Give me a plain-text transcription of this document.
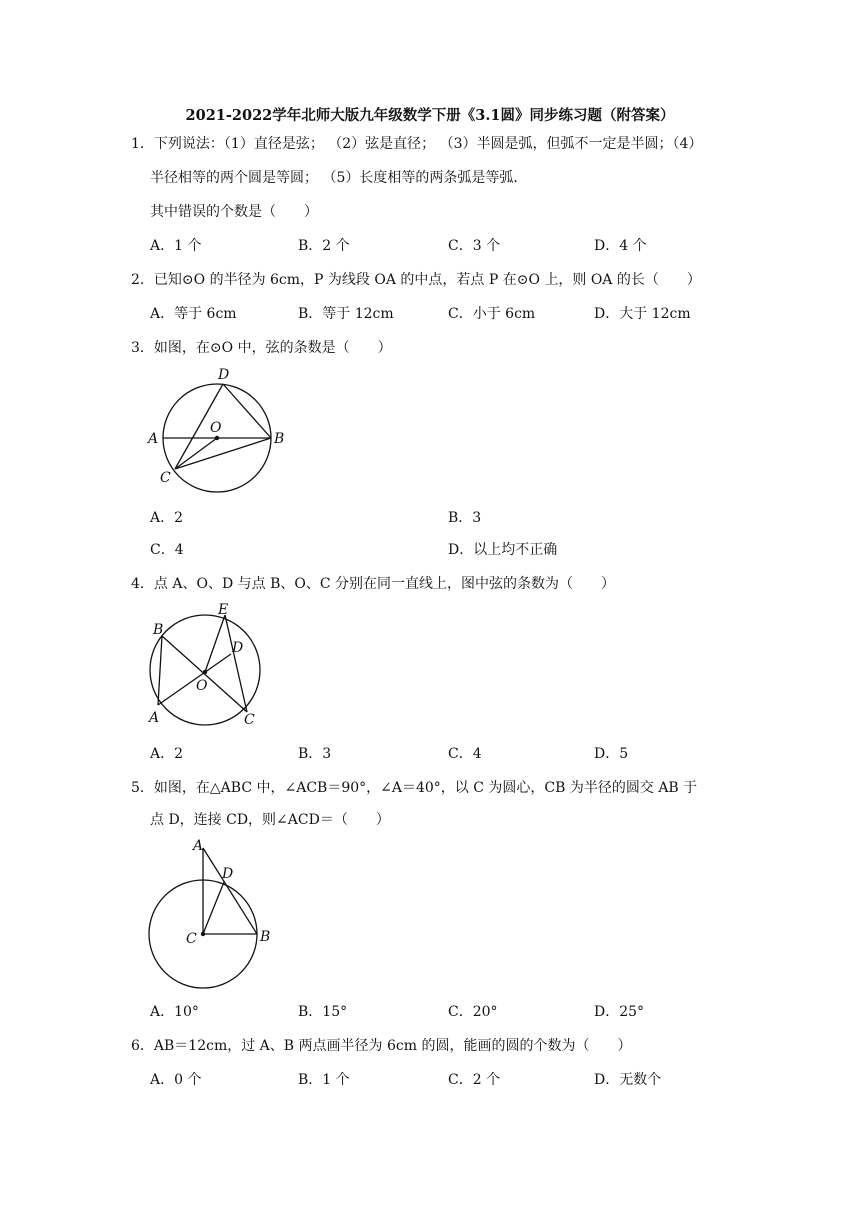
2021-2022学年北师大版九年级数学下册《3.1圆》同步练习题（附答案）
1．下列说法：（1）直径是弦； （2）弦是直径； （3）半圆是弧，但弧不一定是半圆；（4）
半径相等的两个圆是等圆； （5）长度相等的两条弧是等弧．
其中错误的个数是（　　）
A．1 个	B．2 个	C．3 个	D．4 个
2．已知⊙O 的半径为 6cm，P 为线段 OA 的中点，若点 P 在⊙O 上，则 OA 的长（　　）
A．等于 6cm	B．等于 12cm	C．小于 6cm	D．大于 12cm
3．如图，在⊙O 中，弦的条数是（　　）
D
O
A	B
C
A．2	B．3
C．4	D．以上均不正确
4．点 A、O、D 与点 B、O、C 分别在同一直线上，图中弦的条数为（　　）
E
B
D
O
A	C
A．2	B．3	C．4	D．5
5．如图，在△ABC 中，∠ACB＝90°，∠A＝40°，以 C 为圆心，CB 为半径的圆交 AB 于
点 D，连接 CD，则∠ACD＝（　　）
A
D
C	B
A．10°	B．15°	C．20°	D．25°
6．AB＝12cm，过 A、B 两点画半径为 6cm 的圆，能画的圆的个数为（　　）
A．0 个	B．1 个	C．2 个	D．无数个
